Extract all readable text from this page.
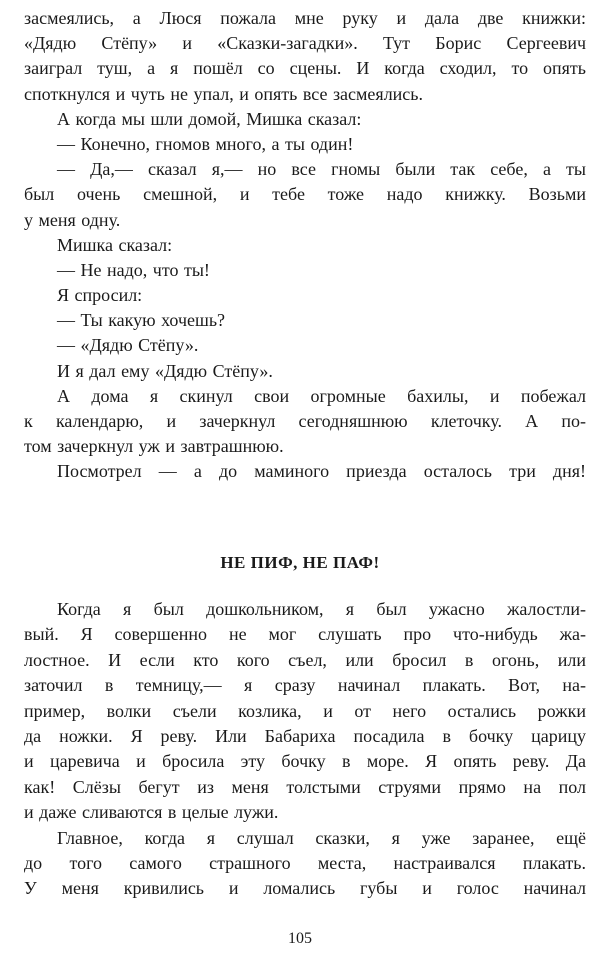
засмеялись, а Люся пожала мне руку и дала две книжки:
«Дядю Стёпу» и «Сказки-загадки». Тут Борис Сергеевич
заиграл туш, а я пошёл со сцены. И когда сходил, то опять
споткнулся и чуть не упал, и опять все засмеялись.
А когда мы шли домой, Мишка сказал:
— Конечно, гномов много, а ты один!
— Да,— сказал я,— но все гномы были так себе, а ты
был очень смешной, и тебе тоже надо книжку. Возьми
у меня одну.
Мишка сказал:
— Не надо, что ты!
Я спросил:
— Ты какую хочешь?
— «Дядю Стёпу».
И я дал ему «Дядю Стёпу».
А дома я скинул свои огромные бахилы, и побежал
к календарю, и зачеркнул сегодняшнюю клеточку. А по-
том зачеркнул уж и завтрашнюю.
Посмотрел — а до маминого приезда осталось три дня!
НЕ ПИФ, НЕ ПАФ!
Когда я был дошкольником, я был ужасно жалостли-
вый. Я совершенно не мог слушать про что-нибудь жа-
лостное. И если кто кого съел, или бросил в огонь, или
заточил в темницу,— я сразу начинал плакать. Вот, на-
пример, волки съели козлика, и от него остались рожки
да ножки. Я реву. Или Бабариха посадила в бочку царицу
и царевича и бросила эту бочку в море. Я опять реву. Да
как! Слёзы бегут из меня толстыми струями прямо на пол
и даже сливаются в целые лужи.
Главное, когда я слушал сказки, я уже заранее, ещё
до того самого страшного места, настраивался плакать.
У меня кривились и ломались губы и голос начинал
105
